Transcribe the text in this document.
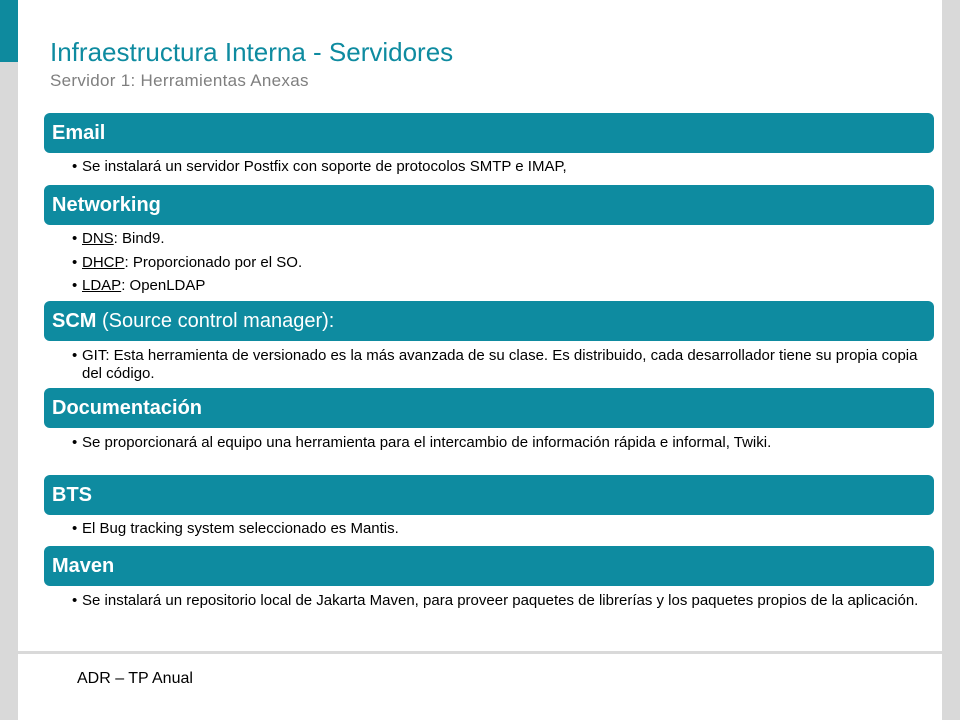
Infraestructura Interna - Servidores
Servidor 1: Herramientas Anexas
Email
• Se instalará un servidor Postfix con soporte de protocolos SMTP e IMAP,
Networking
• DNS: Bind9.
• DHCP: Proporcionado por el SO.
• LDAP: OpenLDAP
SCM (Source control manager):
• GIT: Esta herramienta de versionado es la más avanzada de su clase. Es distribuido, cada desarrollador tiene su propia copia del código.
Documentación
• Se proporcionará al equipo una herramienta para el intercambio de información rápida e informal, Twiki.
BTS
• El Bug tracking system seleccionado es Mantis.
Maven
• Se instalará un repositorio local de Jakarta Maven, para proveer paquetes de librerías y los paquetes propios de la aplicación.
ADR – TP Anual
